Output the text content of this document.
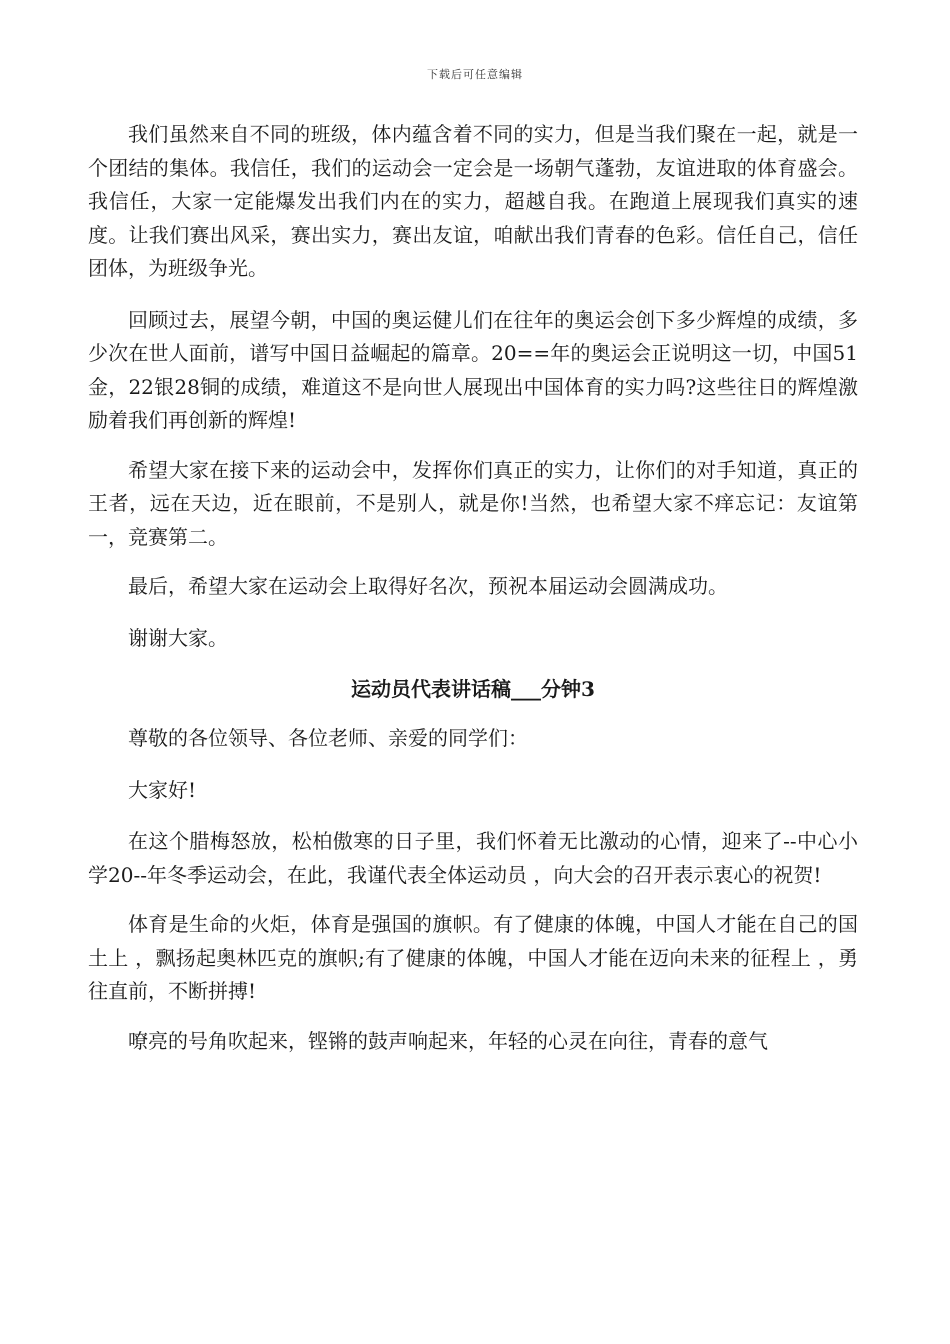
下载后可任意编辑

我们虽然来自不同的班级，体内蕴含着不同的实力，但是当我们聚在一起，就是一个团结的集体。我信任，我们的运动会一定会是一场朝气蓬勃，友谊进取的体育盛会。我信任，大家一定能爆发出我们内在的实力，超越自我。在跑道上展现我们真实的速度。让我们赛出风采，赛出实力，赛出友谊，咱献出我们青春的色彩。信任自己，信任团体，为班级争光。

回顾过去，展望今朝，中国的奥运健儿们在往年的奥运会创下多少辉煌的成绩，多少次在世人面前，谱写中国日益崛起的篇章。20==年的奥运会正说明这一切，中国51金，22银28铜的成绩，难道这不是向世人展现出中国体育的实力吗?这些往日的辉煌激励着我们再创新的辉煌!

希望大家在接下来的运动会中，发挥你们真正的实力，让你们的对手知道，真正的王者，远在天边，近在眼前，不是别人，就是你!当然，也希望大家不痒忘记：友谊第一，竞赛第二。

最后，希望大家在运动会上取得好名次，预祝本届运动会圆满成功。

谢谢大家。

运动员代表讲话稿___分钟3

尊敬的各位领导、各位老师、亲爱的同学们：

大家好!

在这个腊梅怒放，松柏傲寒的日子里，我们怀着无比激动的心情，迎来了--中心小学20--年冬季运动会，在此，我谨代表全体运动员 ，向大会的召开表示衷心的祝贺!

体育是生命的火炬，体育是强国的旗帜。有了健康的体魄，中国人才能在自己的国土上 ，飘扬起奥林匹克的旗帜;有了健康的体魄，中国人才能在迈向未来的征程上 ，勇往直前，不断拼搏!

嘹亮的号角吹起来，铿锵的鼓声响起来，年轻的心灵在向往，青春的意气
